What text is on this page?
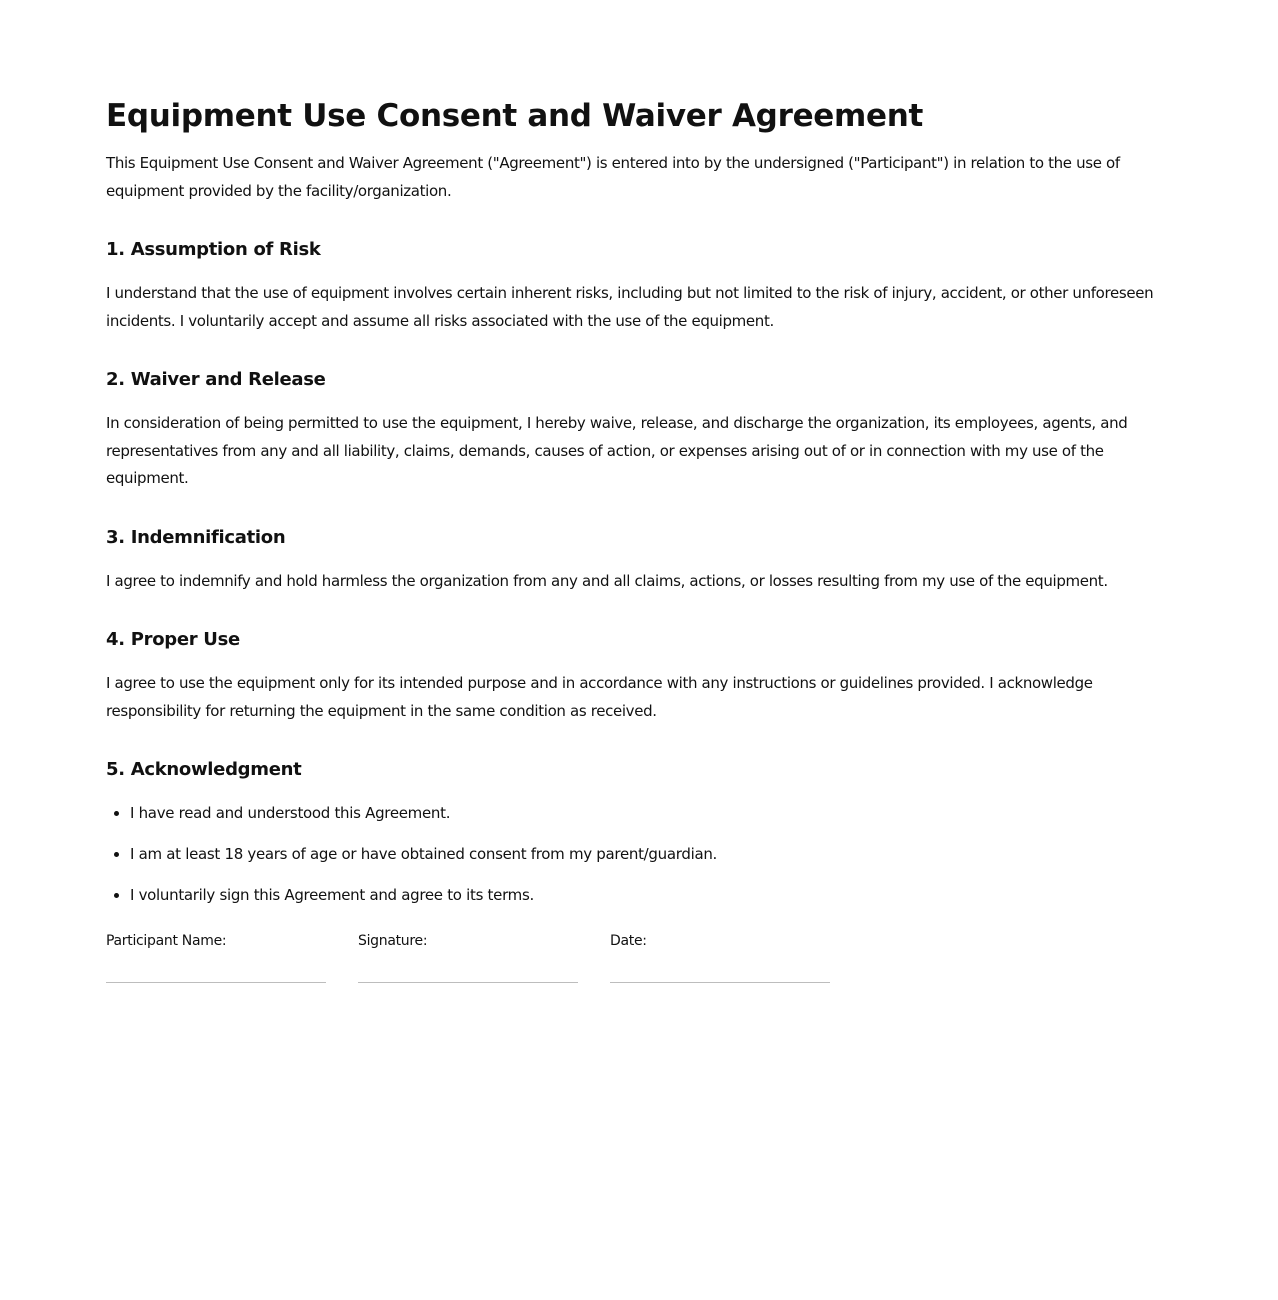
Equipment Use Consent and Waiver Agreement

This Equipment Use Consent and Waiver Agreement ("Agreement") is entered into by the undersigned ("Participant") in relation to the use of equipment provided by the facility/organization.

1. Assumption of Risk

I understand that the use of equipment involves certain inherent risks, including but not limited to the risk of injury, accident, or other unforeseen incidents. I voluntarily accept and assume all risks associated with the use of the equipment.

2. Waiver and Release

In consideration of being permitted to use the equipment, I hereby waive, release, and discharge the organization, its employees, agents, and representatives from any and all liability, claims, demands, causes of action, or expenses arising out of or in connection with my use of the equipment.

3. Indemnification

I agree to indemnify and hold harmless the organization from any and all claims, actions, or losses resulting from my use of the equipment.

4. Proper Use

I agree to use the equipment only for its intended purpose and in accordance with any instructions or guidelines provided. I acknowledge responsibility for returning the equipment in the same condition as received.

5. Acknowledgment
• I have read and understood this Agreement.
• I am at least 18 years of age or have obtained consent from my parent/guardian.
• I voluntarily sign this Agreement and agree to its terms.
Participant Name:	Signature:	Date:
